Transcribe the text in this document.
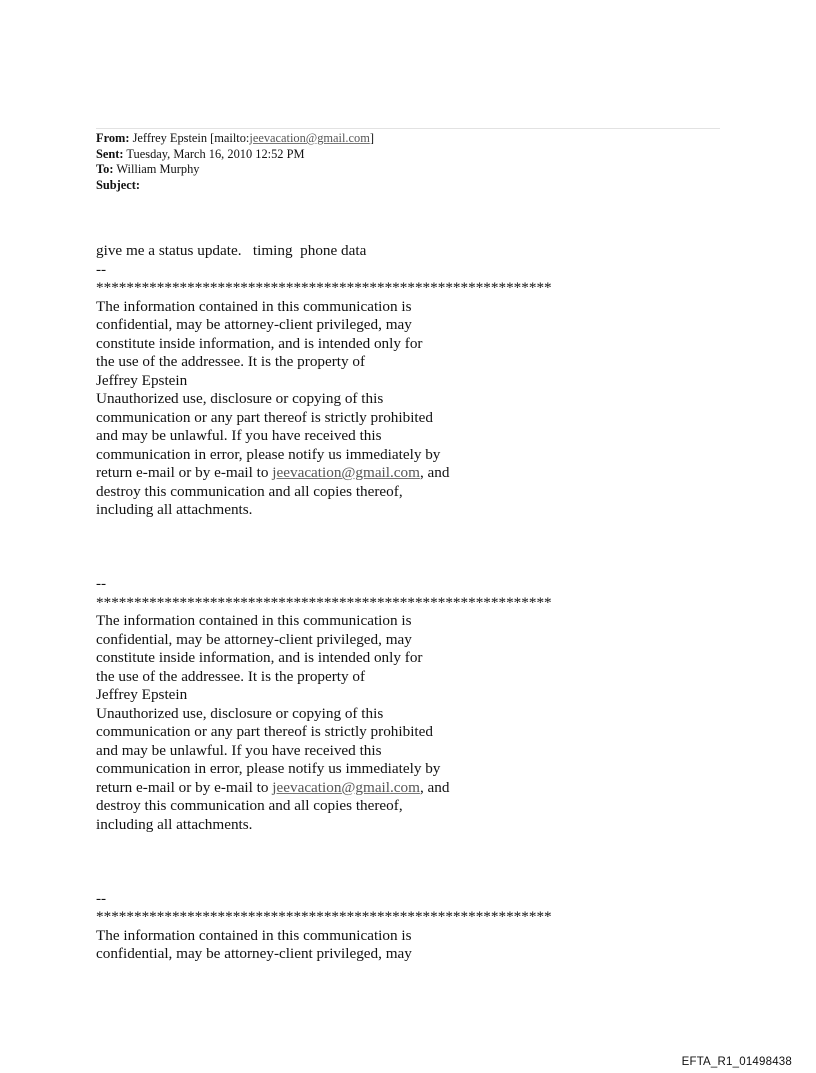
From: Jeffrey Epstein [mailto:jeevacation@gmail.com]
Sent: Tuesday, March 16, 2010 12:52 PM
To: William Murphy
Subject:
give me a status update.   timing  phone data
--
************************************************************
The information contained in this communication is
confidential, may be attorney-client privileged, may
constitute inside information, and is intended only for
the use of the addressee. It is the property of
Jeffrey Epstein
Unauthorized use, disclosure or copying of this
communication or any part thereof is strictly prohibited
and may be unlawful. If you have received this
communication in error, please notify us immediately by
return e-mail or by e-mail to jeevacation@gmail.com, and
destroy this communication and all copies thereof,
including all attachments.
--
************************************************************
The information contained in this communication is
confidential, may be attorney-client privileged, may
constitute inside information, and is intended only for
the use of the addressee. It is the property of
Jeffrey Epstein
Unauthorized use, disclosure or copying of this
communication or any part thereof is strictly prohibited
and may be unlawful. If you have received this
communication in error, please notify us immediately by
return e-mail or by e-mail to jeevacation@gmail.com, and
destroy this communication and all copies thereof,
including all attachments.
--
************************************************************
The information contained in this communication is
confidential, may be attorney-client privileged, may
EFTA_R1_01498438
